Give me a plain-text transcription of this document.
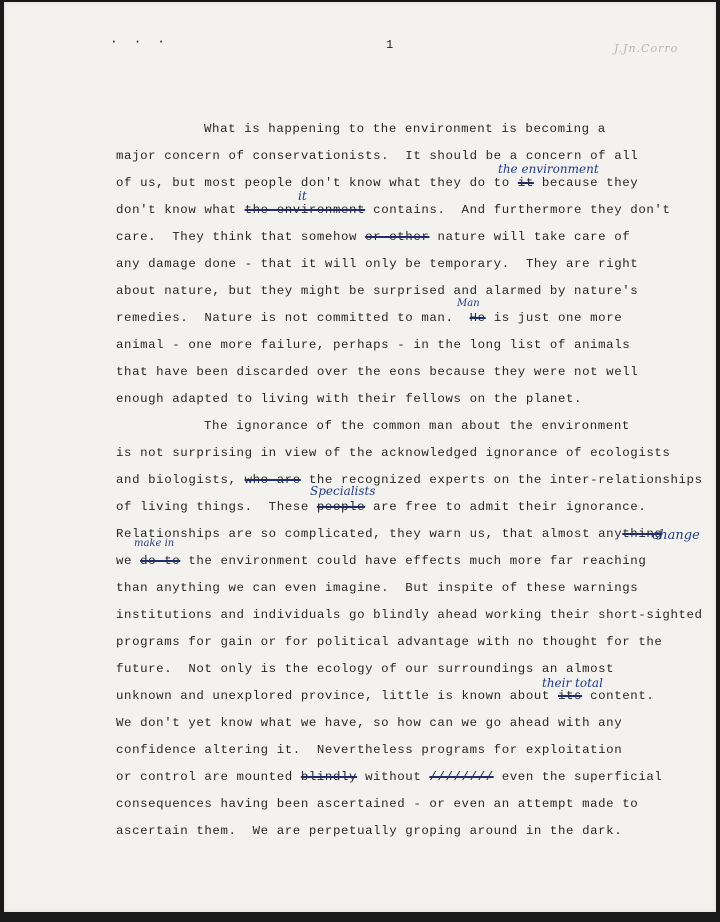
· · ·	1	J.Jn.Corro
What is happening to the environment is becoming a
major concern of conservationists.  It should be a concern of all
of us, but most people don't know what they do to it because they
don't know what the environment contains.  And furthermore they don't
care.  They think that somehow or other nature will take care of
any damage done - that it will only be temporary.  They are right
about nature, but they might be surprised and alarmed by nature's
remedies.  Nature is not committed to man.  He is just one more
animal - one more failure, perhaps - in the long list of animals
that have been discarded over the eons because they were not well
enough adapted to living with their fellows on the planet.
The ignorance of the common man about the environment
is not surprising in view of the acknowledged ignorance of ecologists
and biologists, who are the recognized experts on the inter-relationships
of living things.  These people are free to admit their ignorance.
Relationships are so complicated, they warn us, that almost anything
we do to the environment could have effects much more far reaching
than anything we can even imagine.  But inspite of these warnings
institutions and individuals go blindly ahead working their short-sighted
programs for gain or for political advantage with no thought for the
future.  Not only is the ecology of our surroundings an almost
unknown and unexplored province, little is known about its content.
We don't yet know what we have, so how can we go ahead with any
confidence altering it.  Nevertheless programs for exploitation
or control are mounted blindly without //////// even the superficial
consequences having been ascertained - or even an attempt made to
ascertain them.  We are perpetually groping around in the dark.
the environment
it
Man
Specialists
change
make in
their total
